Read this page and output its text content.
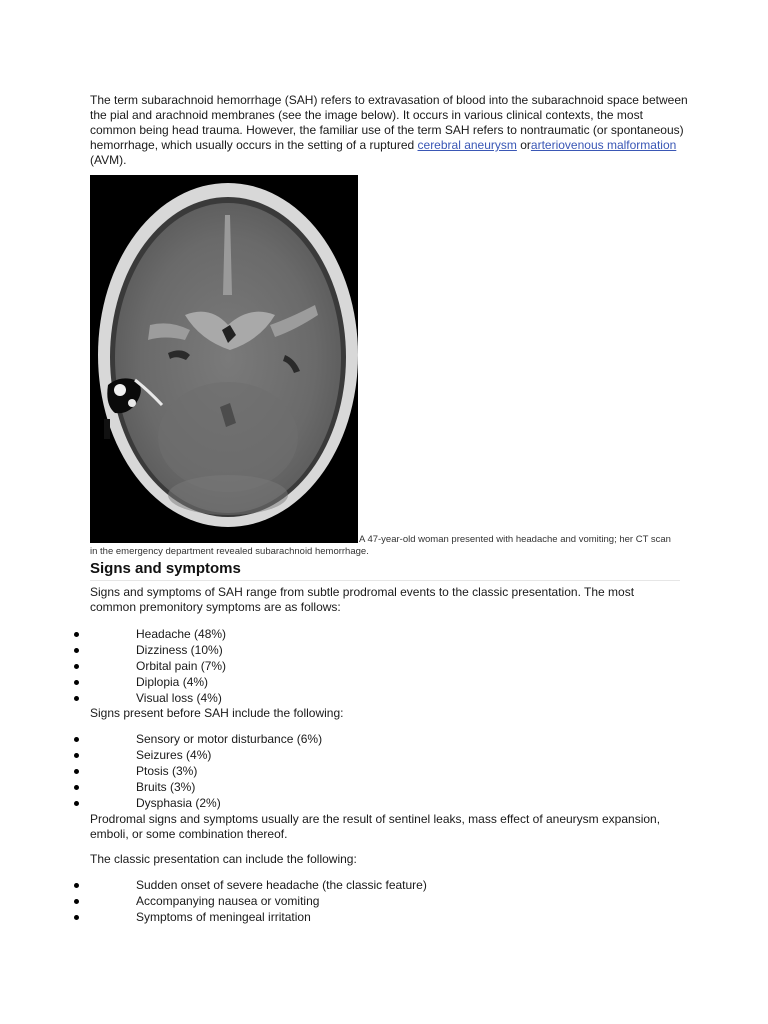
The term subarachnoid hemorrhage (SAH) refers to extravasation of blood into the subarachnoid space between the pial and arachnoid membranes (see the image below). It occurs in various clinical contexts, the most common being head trauma. However, the familiar use of the term SAH refers to nontraumatic (or spontaneous) hemorrhage, which usually occurs in the setting of a ruptured cerebral aneurysm orarteriovenous malformation (AVM).

A 47-year-old woman presented with headache and vomiting; her CT scan in the emergency department revealed subarachnoid hemorrhage.
Signs and symptoms

Signs and symptoms of SAH range from subtle prodromal events to the classic presentation. The most common premonitory symptoms are as follows:

Headache (48%)
Dizziness (10%)
Orbital pain (7%)
Diplopia (4%)
Visual loss (4%)

Signs present before SAH include the following:

Sensory or motor disturbance (6%)
Seizures (4%)
Ptosis (3%)
Bruits (3%)
Dysphasia (2%)

Prodromal signs and symptoms usually are the result of sentinel leaks, mass effect of aneurysm expansion, emboli, or some combination thereof.

The classic presentation can include the following:

Sudden onset of severe headache (the classic feature)
Accompanying nausea or vomiting
Symptoms of meningeal irritation
